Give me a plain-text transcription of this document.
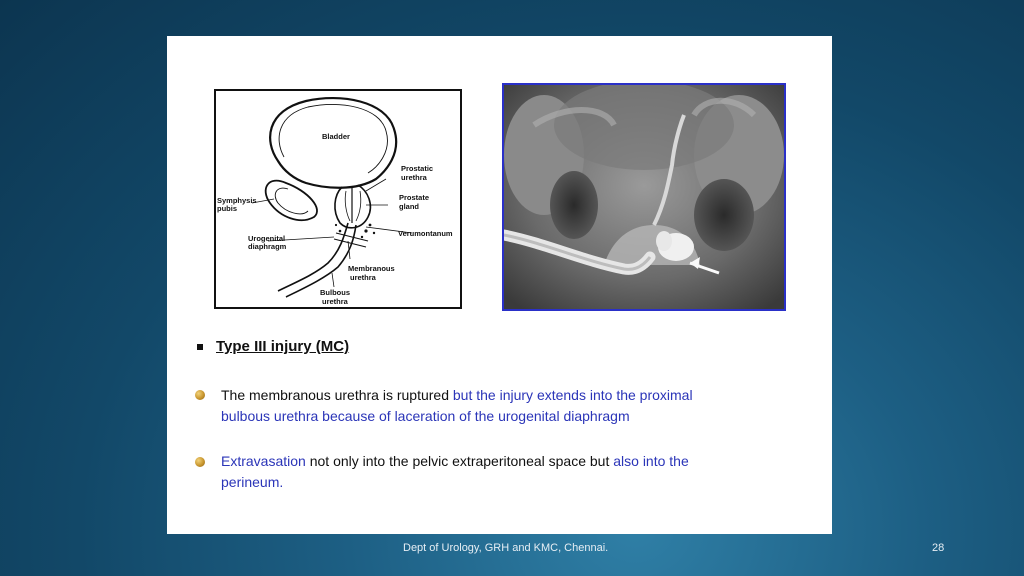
Bladder
Prostatic
urethra
Symphysis
pubis
Prostate
gland
Verumontanum
Urogenital
diaphragm
Membranous
urethra
Bulbous
urethra
Type III injury (MC)
The membranous urethra is ruptured but the injury extends into the proximal
bulbous urethra because of laceration of the urogenital diaphragm
Extravasation not only into the pelvic extraperitoneal space but also into the
perineum.
Dept of Urology, GRH and KMC, Chennai.	28
